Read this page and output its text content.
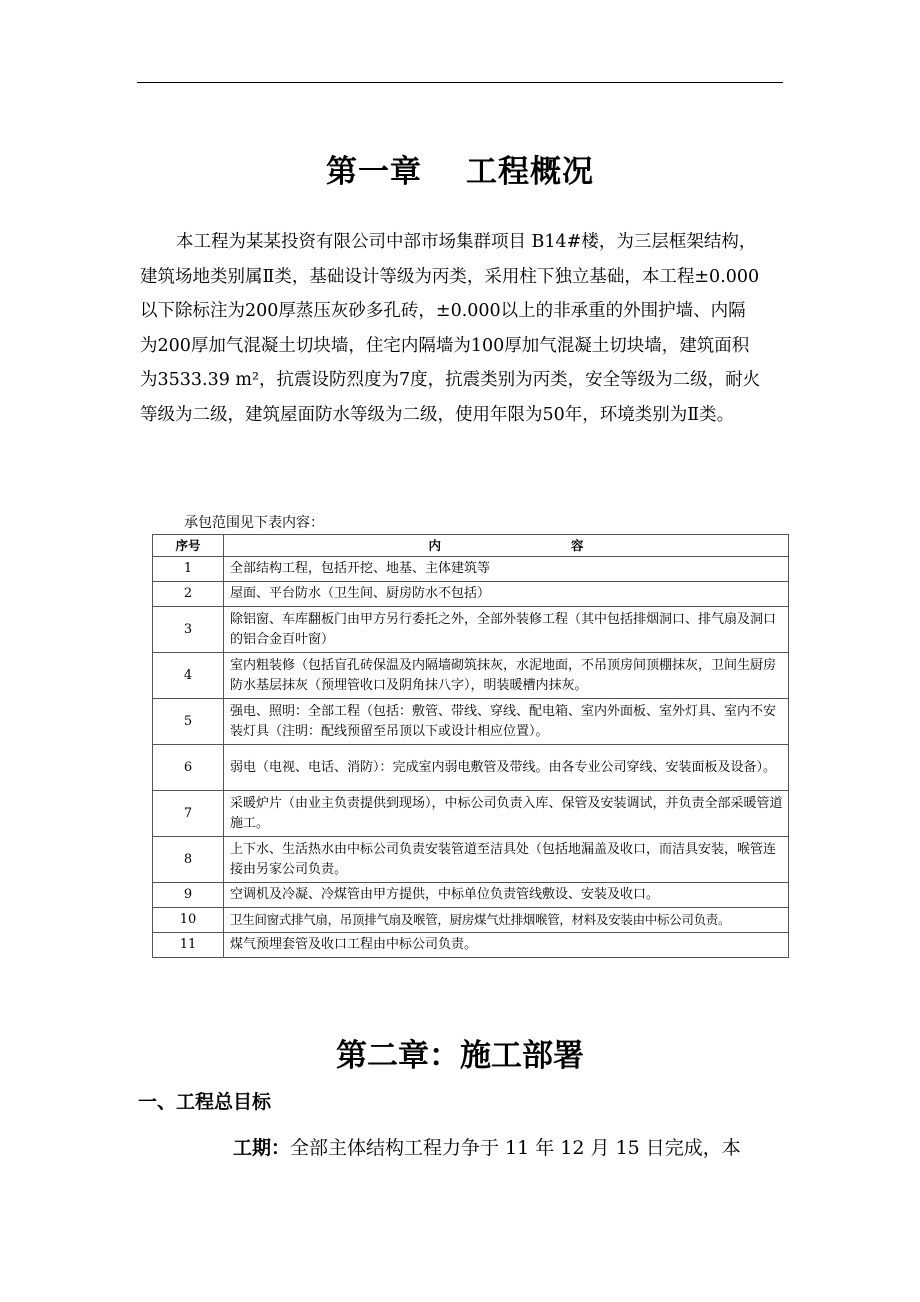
第一章 工程概况

本工程为某某投资有限公司中部市场集群项目 B14#楼，为三层框架结构，
建筑场地类别属Ⅱ类，基础设计等级为丙类，采用柱下独立基础，本工程±0.000
以下除标注为200厚蒸压灰砂多孔砖，±0.000以上的非承重的外围护墙、内隔
为200厚加气混凝土切块墙，住宅内隔墙为100厚加气混凝土切块墙，建筑面积
为3533.39 m²，抗震设防烈度为7度，抗震类别为丙类，安全等级为二级，耐火
等级为二级，建筑屋面防水等级为二级，使用年限为50年，环境类别为Ⅱ类。

承包范围见下表内容：
序号	内 容
1	全部结构工程，包括开挖、地基、主体建筑等
2	屋面、平台防水（卫生间、厨房防水不包括）
3	除铝窗、车库翻板门由甲方另行委托之外，全部外装修工程（其中包括排烟洞口、排气扇及洞口的铝合金百叶窗）
4	室内粗装修（包括盲孔砖保温及内隔墙砌筑抹灰，水泥地面，不吊顶房间顶棚抹灰，卫间生厨房防水基层抹灰（预埋管收口及阴角抹八字），明装暖槽内抹灰。
5	强电、照明：全部工程（包括：敷管、带线、穿线、配电箱、室内外面板、室外灯具、室内不安装灯具（注明：配线预留至吊顶以下或设计相应位置）。
6	弱电（电视、电话、消防）：完成室内弱电敷管及带线。由各专业公司穿线、安装面板及设备）。
7	采暖炉片（由业主负责提供到现场），中标公司负责入库、保管及安装调试，并负责全部采暖管道施工。
8	上下水、生活热水由中标公司负责安装管道至洁具处（包括地漏盖及收口，而洁具安装，喉管连接由另家公司负责。
9	空调机及冷凝、冷煤管由甲方提供，中标单位负责管线敷设、安装及收口。
10	卫生间窗式排气扇，吊顶排气扇及喉管，厨房煤气灶排烟喉管，材料及安装由中标公司负责。
11	煤气预埋套管及收口工程由中标公司负责。
第二章：施工部署
一、工程总目标
工期：全部主体结构工程力争于 11 年 12 月 15 日完成，本
